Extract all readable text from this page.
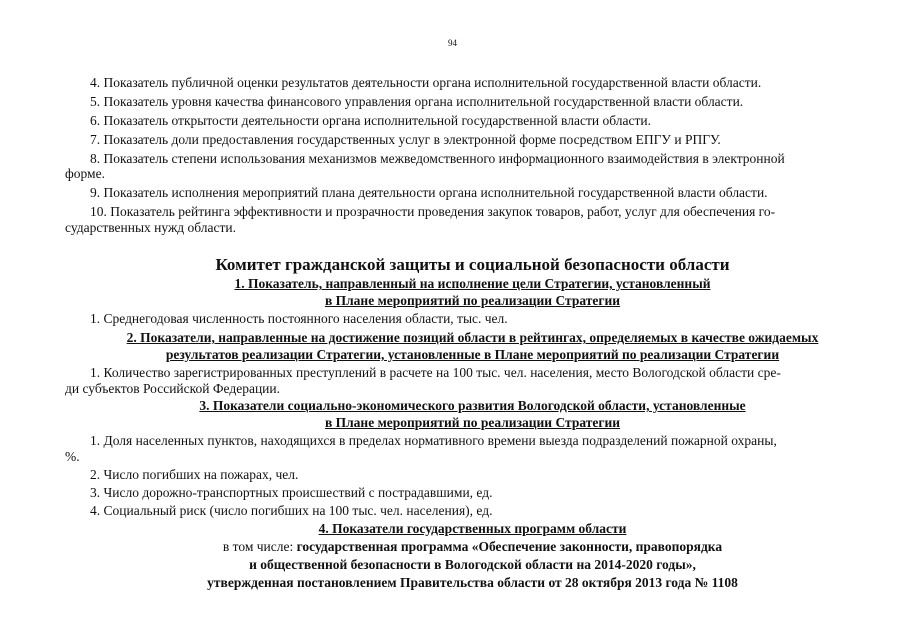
94
4. Показатель публичной оценки результатов деятельности органа исполнительной государственной власти области.
5. Показатель уровня качества финансового управления органа исполнительной государственной власти области.
6. Показатель открытости деятельности органа исполнительной государственной власти области.
7. Показатель доли предоставления государственных услуг в электронной форме посредством ЕПГУ и РПГУ.
8. Показатель степени использования механизмов межведомственного информационного взаимодействия в электронной
форме.
9. Показатель исполнения мероприятий плана деятельности органа исполнительной государственной власти области.
10. Показатель рейтинга эффективности и прозрачности проведения закупок товаров, работ, услуг для обеспечения го-
сударственных нужд области.
Комитет гражданской защиты и социальной безопасности области
1. Показатель, направленный на исполнение цели Стратегии, установленный
в Плане мероприятий по реализации Стратегии
1. Среднегодовая численность постоянного населения области, тыс. чел.
2. Показатели, направленные на достижение позиций области в рейтингах, определяемых в качестве ожидаемых
результатов реализации Стратегии, установленные в Плане мероприятий по реализации Стратегии
1. Количество зарегистрированных преступлений в расчете на 100 тыс. чел. населения, место Вологодской области сре-
ди субъектов Российской Федерации.
3. Показатели социально-экономического развития Вологодской области, установленные
в Плане мероприятий по реализации Стратегии
1. Доля населенных пунктов, находящихся в пределах нормативного времени выезда подразделений пожарной охраны,
%.
2. Число погибших на пожарах, чел.
3. Число дорожно-транспортных происшествий с пострадавшими, ед.
4. Социальный риск (число погибших на 100 тыс. чел. населения), ед.
4. Показатели государственных программ области
в том числе: государственная программа «Обеспечение законности, правопорядка
и общественной безопасности в Вологодской области на 2014-2020 годы»,
утвержденная постановлением Правительства области от 28 октября 2013 года № 1108
